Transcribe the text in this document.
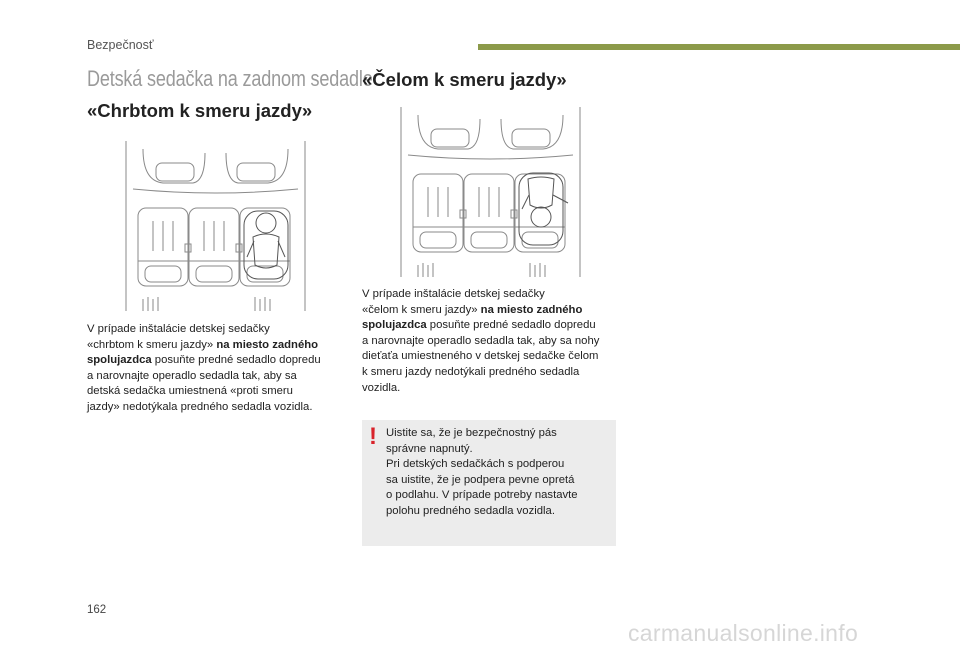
Bezpečnosť
Detská sedačka na zadnom sedadle
«Chrbtom k smeru jazdy»
«Čelom k smeru jazdy»
V prípade inštalácie detskej sedačky
«chrbtom k smeru jazdy» na miesto zadného
spolujazdca posuňte predné sedadlo dopredu
a narovnajte operadlo sedadla tak, aby sa
detská sedačka umiestnená «proti smeru
jazdy» nedotýkala predného sedadla vozidla.
V prípade inštalácie detskej sedačky
«čelom k smeru jazdy» na miesto zadného
spolujazdca posuňte predné sedadlo dopredu
a narovnajte operadlo sedadla tak, aby sa nohy
dieťaťa umiestneného v detskej sedačke čelom
k smeru jazdy nedotýkali predného sedadla
vozidla.
! Uistite sa, že je bezpečnostný pás
správne napnutý.
Pri detských sedačkách s podperou
sa uistite, že je podpera pevne opretá
o podlahu. V prípade potreby nastavte
polohu predného sedadla vozidla.
162
carmanualsonline.info
